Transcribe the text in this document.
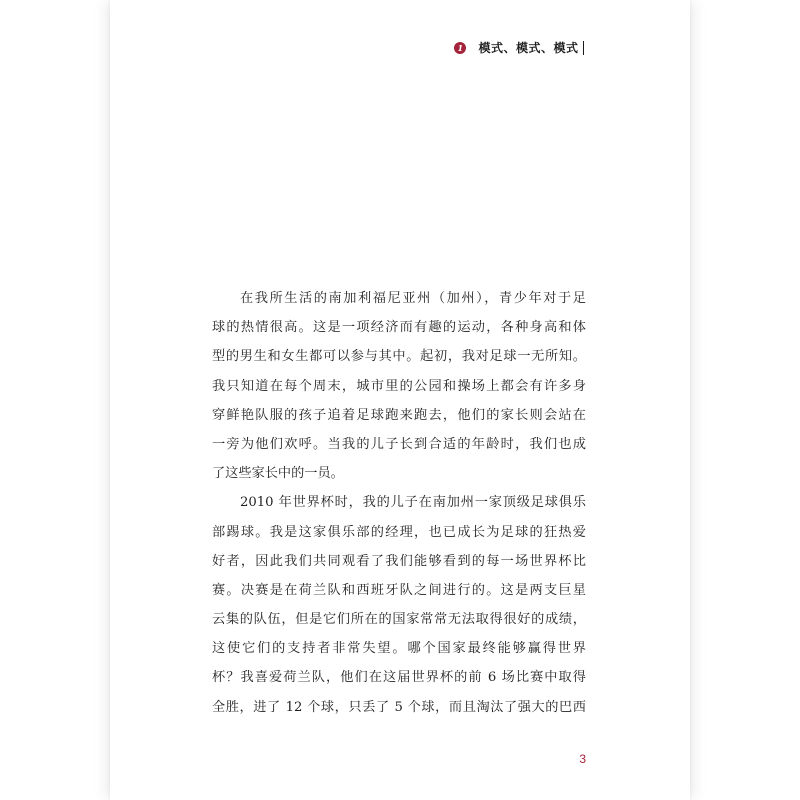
1 模式、模式、模式
在我所生活的南加利福尼亚州（加州），青少年对于足
球的热情很高。这是一项经济而有趣的运动，各种身高和体
型的男生和女生都可以参与其中。起初，我对足球一无所知。
我只知道在每个周末，城市里的公园和操场上都会有许多身
穿鲜艳队服的孩子追着足球跑来跑去，他们的家长则会站在
一旁为他们欢呼。当我的儿子长到合适的年龄时，我们也成
了这些家长中的一员。
2010 年世界杯时，我的儿子在南加州一家顶级足球俱乐
部踢球。我是这家俱乐部的经理，也已成长为足球的狂热爱
好者，因此我们共同观看了我们能够看到的每一场世界杯比
赛。决赛是在荷兰队和西班牙队之间进行的。这是两支巨星
云集的队伍，但是它们所在的国家常常无法取得很好的成绩，
这使它们的支持者非常失望。哪个国家最终能够赢得世界
杯？我喜爱荷兰队，他们在这届世界杯的前 6 场比赛中取得
全胜，进了 12 个球，只丢了 5 个球，而且淘汰了强大的巴西
3
